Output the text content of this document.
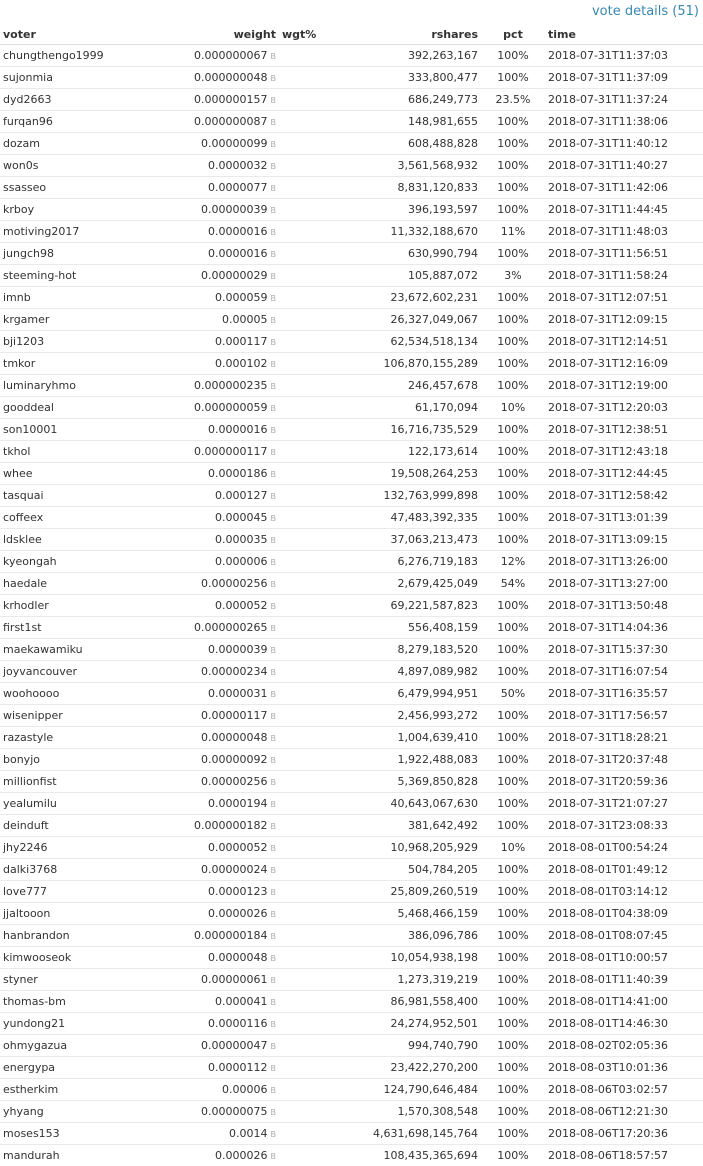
vote details (51)
voter	weight	wgt%	rshares	pct	time
chungthengo1999	0.000000067 B		392,263,167	100%	2018-07-31T11:37:03
sujonmia	0.000000048 B		333,800,477	100%	2018-07-31T11:37:09
dyd2663	0.000000157 B		686,249,773	23.5%	2018-07-31T11:37:24
furqan96	0.000000087 B		148,981,655	100%	2018-07-31T11:38:06
dozam	0.00000099 B		608,488,828	100%	2018-07-31T11:40:12
won0s	0.0000032 B		3,561,568,932	100%	2018-07-31T11:40:27
ssasseo	0.0000077 B		8,831,120,833	100%	2018-07-31T11:42:06
krboy	0.00000039 B		396,193,597	100%	2018-07-31T11:44:45
motiving2017	0.0000016 B		11,332,188,670	11%	2018-07-31T11:48:03
jungch98	0.0000016 B		630,990,794	100%	2018-07-31T11:56:51
steeming-hot	0.00000029 B		105,887,072	3%	2018-07-31T11:58:24
imnb	0.000059 B		23,672,602,231	100%	2018-07-31T12:07:51
krgamer	0.00005 B		26,327,049,067	100%	2018-07-31T12:09:15
bji1203	0.000117 B		62,534,518,134	100%	2018-07-31T12:14:51
tmkor	0.000102 B		106,870,155,289	100%	2018-07-31T12:16:09
luminaryhmo	0.000000235 B		246,457,678	100%	2018-07-31T12:19:00
gooddeal	0.000000059 B		61,170,094	10%	2018-07-31T12:20:03
son10001	0.0000016 B		16,716,735,529	100%	2018-07-31T12:38:51
tkhol	0.000000117 B		122,173,614	100%	2018-07-31T12:43:18
whee	0.0000186 B		19,508,264,253	100%	2018-07-31T12:44:45
tasquai	0.000127 B		132,763,999,898	100%	2018-07-31T12:58:42
coffeex	0.000045 B		47,483,392,335	100%	2018-07-31T13:01:39
ldsklee	0.000035 B		37,063,213,473	100%	2018-07-31T13:09:15
kyeongah	0.000006 B		6,276,719,183	12%	2018-07-31T13:26:00
haedale	0.00000256 B		2,679,425,049	54%	2018-07-31T13:27:00
krhodler	0.000052 B		69,221,587,823	100%	2018-07-31T13:50:48
first1st	0.000000265 B		556,408,159	100%	2018-07-31T14:04:36
maekawamiku	0.0000039 B		8,279,183,520	100%	2018-07-31T15:37:30
joyvancouver	0.00000234 B		4,897,089,982	100%	2018-07-31T16:07:54
woohoooo	0.0000031 B		6,479,994,951	50%	2018-07-31T16:35:57
wisenipper	0.00000117 B		2,456,993,272	100%	2018-07-31T17:56:57
razastyle	0.00000048 B		1,004,639,410	100%	2018-07-31T18:28:21
bonyjo	0.00000092 B		1,922,488,083	100%	2018-07-31T20:37:48
millionfist	0.00000256 B		5,369,850,828	100%	2018-07-31T20:59:36
yealumilu	0.0000194 B		40,643,067,630	100%	2018-07-31T21:07:27
deinduft	0.000000182 B		381,642,492	100%	2018-07-31T23:08:33
jhy2246	0.0000052 B		10,968,205,929	10%	2018-08-01T00:54:24
dalki3768	0.00000024 B		504,784,205	100%	2018-08-01T01:49:12
love777	0.0000123 B		25,809,260,519	100%	2018-08-01T03:14:12
jjaltooon	0.0000026 B		5,468,466,159	100%	2018-08-01T04:38:09
hanbrandon	0.000000184 B		386,096,786	100%	2018-08-01T08:07:45
kimwooseok	0.0000048 B		10,054,938,198	100%	2018-08-01T10:00:57
styner	0.00000061 B		1,273,319,219	100%	2018-08-01T11:40:39
thomas-bm	0.000041 B		86,981,558,400	100%	2018-08-01T14:41:00
yundong21	0.0000116 B		24,274,952,501	100%	2018-08-01T14:46:30
ohmygazua	0.00000047 B		994,740,790	100%	2018-08-02T02:05:36
energypa	0.0000112 B		23,422,270,200	100%	2018-08-03T10:01:36
estherkim	0.00006 B		124,790,646,484	100%	2018-08-06T03:02:57
yhyang	0.00000075 B		1,570,308,548	100%	2018-08-06T12:21:30
moses153	0.0014 B		4,631,698,145,764	100%	2018-08-06T17:20:36
mandurah	0.000026 B		108,435,365,694	100%	2018-08-06T18:57:57
